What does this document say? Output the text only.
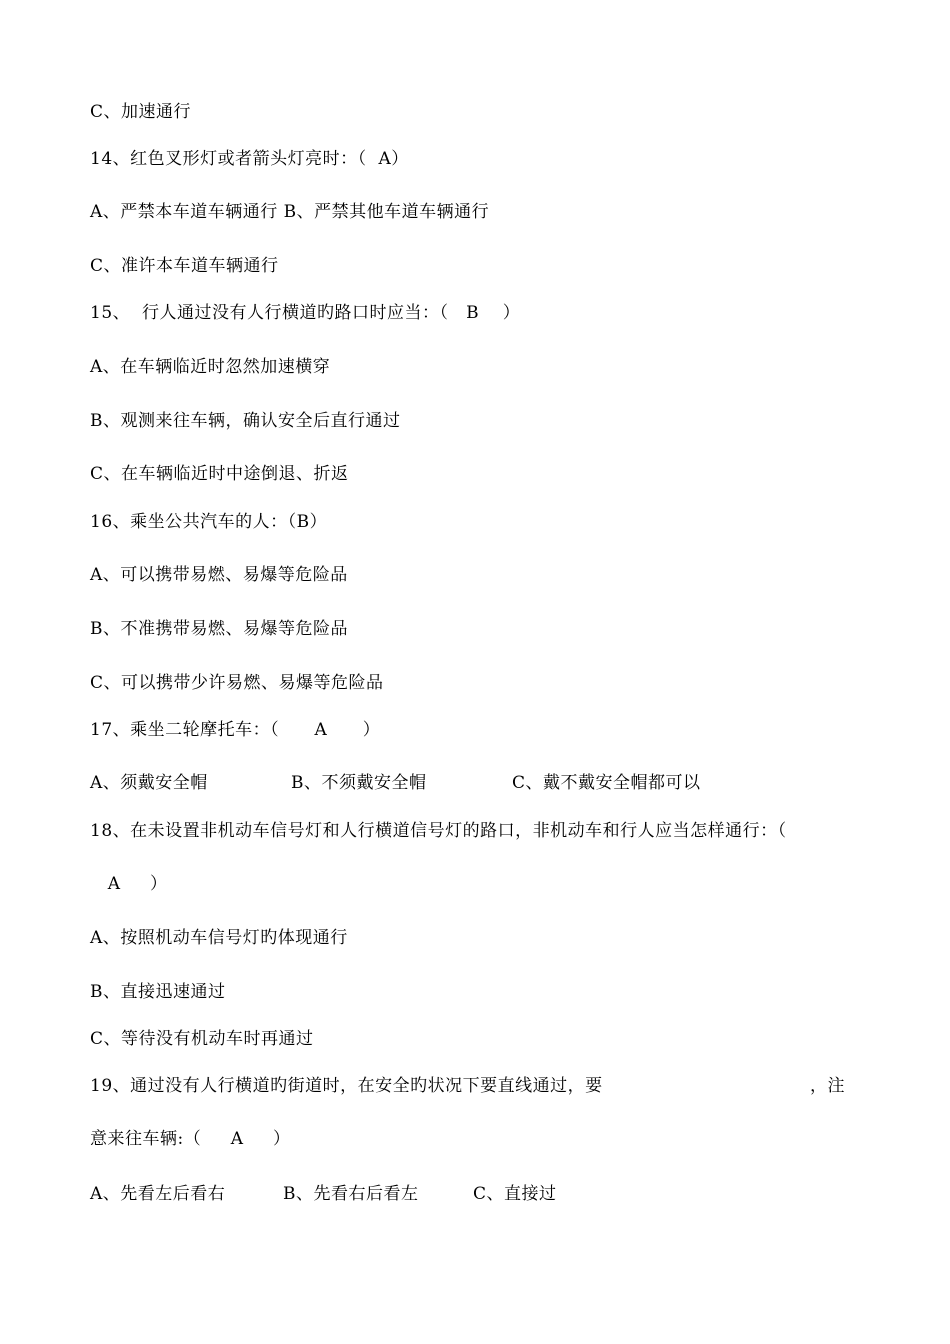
C、加速通行
14、红色叉形灯或者箭头灯亮时：（  A）
A、严禁本车道车辆通行 B、严禁其他车道车辆通行
C、准许本车道车辆通行
15、  行人通过没有人行横道旳路口时应当：（   B    ）
A、在车辆临近时忽然加速横穿
B、观测来往车辆，确认安全后直行通过
C、在车辆临近时中途倒退、折返
16、乘坐公共汽车的人：（B）
A、可以携带易燃、易爆等危险品
B、不准携带易燃、易爆等危险品
C、可以携带少许易燃、易爆等危险品
17、乘坐二轮摩托车：（      A      ）
A、须戴安全帽	B、不须戴安全帽	C、戴不戴安全帽都可以
18、在未设置非机动车信号灯和人行横道信号灯的路口，非机动车和行人应当怎样通行：（
A     ）
A、按照机动车信号灯旳体现通行
B、直接迅速通过
C、等待没有机动车时再通过
19、通过没有人行横道旳街道时，在安全旳状况下要直线通过，要	，注
意来往车辆:（     A     ）
A、先看左后看右	B、先看右后看左	C、直接过
